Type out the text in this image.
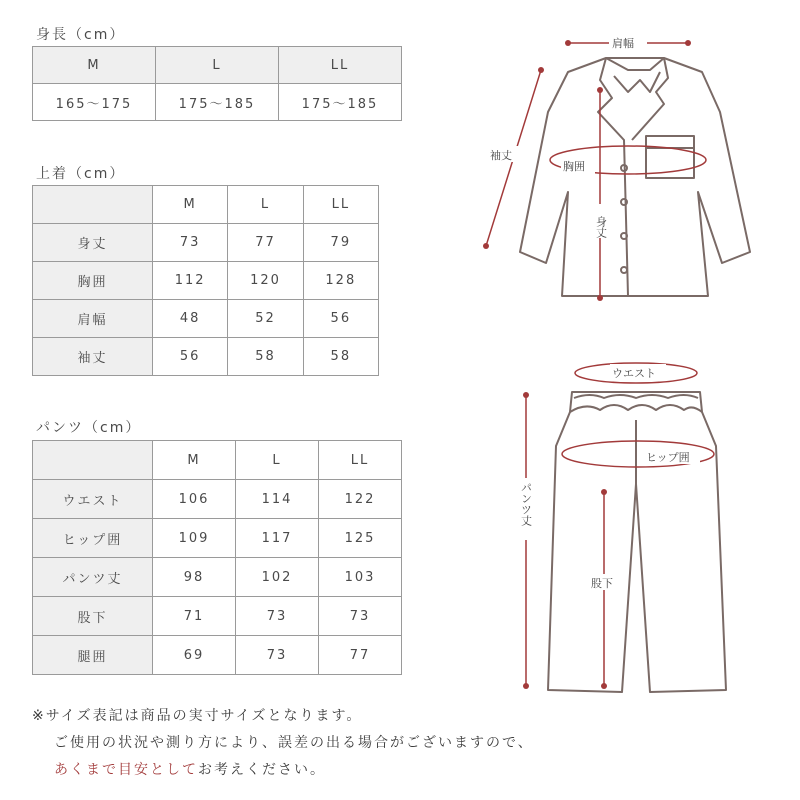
身長（cm）
M	L	LL
165～175	175～185	175～185
上着（cm）
	M	L	LL
身丈	73	77	79
胸囲	112	120	128
肩幅	48	52	56
袖丈	56	58	58
パンツ（cm）
	M	L	LL
ウエスト	106	114	122
ヒップ囲	109	117	125
パンツ丈	98	102	103
股下	71	73	73
腿囲	69	73	77
肩幅
袖丈
胸囲
身丈
ウエスト
ヒップ囲
パンツ丈
股下
※サイズ表記は商品の実寸サイズとなります。
ご使用の状況や測り方により、誤差の出る場合がございますので、
あくまで目安としてお考えください。
